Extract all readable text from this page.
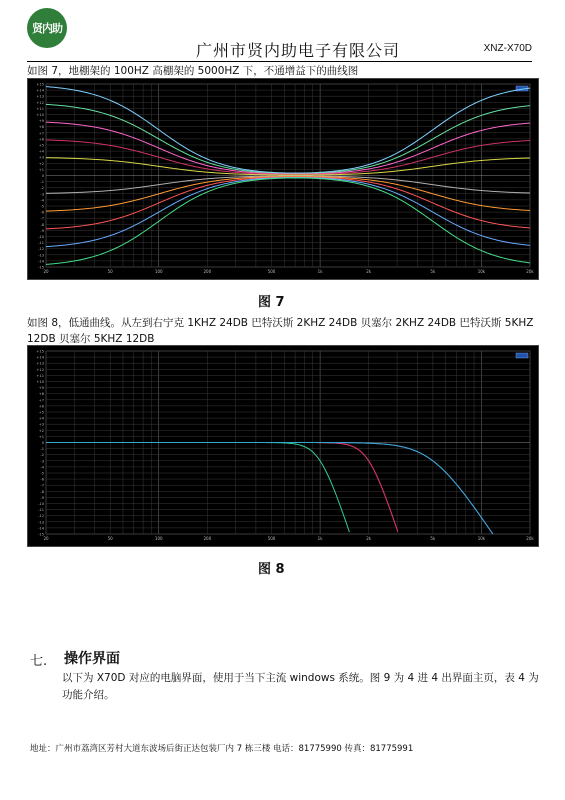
贤内助
广州市贤内助电子有限公司	XNZ-X70D
如图 7，地棚架的 100HZ 高棚架的 5000HZ 下，不通增益下的曲线图
+15
+14
+13
+12
+11
+10
+9
+8
+7
+6
+5
+4
+3
+2
+1
0
-1
-2
-3
-4
-5
-6
-7
-8
-9
-10
-11
-12
-13
-14
-15
20	50	100	200	500	1k	2k	5k	10k	20k
图 7
如图 8，低通曲线。从左到右宁克 1KHZ 24DB 巴特沃斯 2KHZ 24DB 贝塞尔 2KHZ 24DB 巴特沃斯 5KHZ
12DB 贝塞尔 5KHZ 12DB
+15
+14
+13
+12
+11
+10
+9
+8
+7
+6
+5
+4
+3
+2
+1
0
-1
-2
-3
-4
-5
-6
-7
-8
-9
-10
-11
-12
-13
-14
-15
20	50	100	200	500	1k	2k	5k	10k	20k
图 8
七. 操作界面
以下为 X70D 对应的电脑界面，使用于当下主流 windows 系统。图 9 为 4 进 4 出界面主页，表 4 为功能介绍。
地址：广州市荔湾区芳村大道东波场后街正达包装厂内 7 栋三楼 电话：81775990 传真：81775991
